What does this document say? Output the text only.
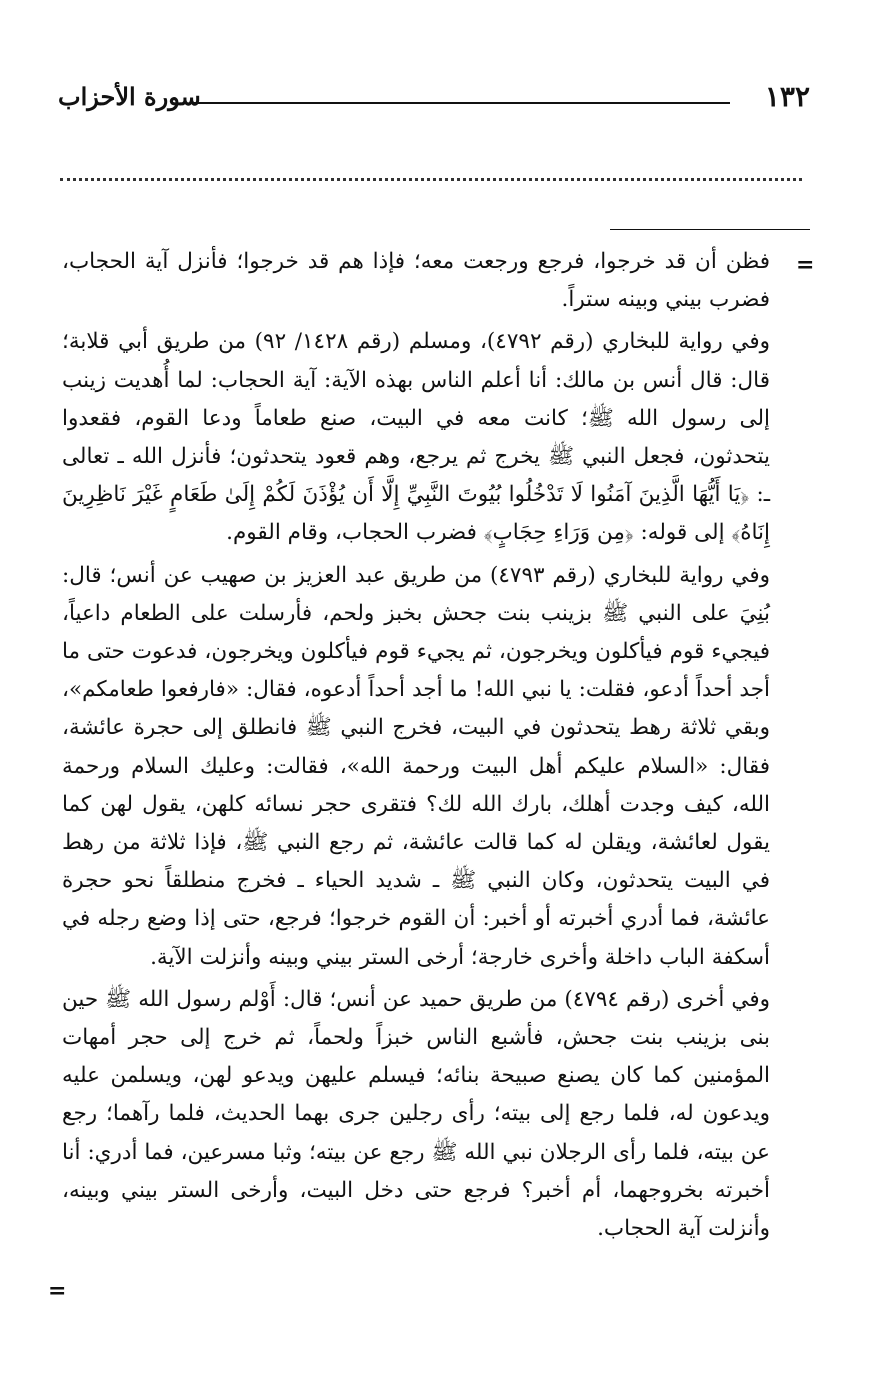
١٣٢
سورة الأحزاب
=

فظن أن قد خرجوا، فرجع ورجعت معه؛ فإذا هم قد خرجوا؛ فأنزل آية الحجاب، فضرب بيني وبينه ستراً.

وفي رواية للبخاري (رقم ٤٧٩٢)، ومسلم (رقم ١٤٢٨/ ٩٢) من طريق أبي قلابة؛ قال: قال أنس بن مالك: أنا أعلم الناس بهذه الآية: آية الحجاب: لما أُهديت زينب إلى رسول الله ﷺ؛ كانت معه في البيت، صنع طعاماً ودعا القوم، فقعدوا يتحدثون، فجعل النبي ﷺ يخرج ثم يرجع، وهم قعود يتحدثون؛ فأنزل الله ـ تعالى ـ: ﴿يَا أَيُّهَا الَّذِينَ آمَنُوا لَا تَدْخُلُوا بُيُوتَ النَّبِيِّ إِلَّا أَن يُؤْذَنَ لَكُمْ إِلَىٰ طَعَامٍ غَيْرَ نَاظِرِينَ إِنَاهُ﴾ إلى قوله: ﴿مِن وَرَاءِ حِجَابٍ﴾ فضرب الحجاب، وقام القوم.

وفي رواية للبخاري (رقم ٤٧٩٣) من طريق عبد العزيز بن صهيب عن أنس؛ قال: بُنِيَ على النبي ﷺ بزينب بنت جحش بخبز ولحم، فأرسلت على الطعام داعياً، فيجيء قوم فيأكلون ويخرجون، ثم يجيء قوم فيأكلون ويخرجون، فدعوت حتى ما أجد أحداً أدعو، فقلت: يا نبي الله! ما أجد أحداً أدعوه، فقال: «فارفعوا طعامكم»، وبقي ثلاثة رهط يتحدثون في البيت، فخرج النبي ﷺ فانطلق إلى حجرة عائشة، فقال: «السلام عليكم أهل البيت ورحمة الله»، فقالت: وعليك السلام ورحمة الله، كيف وجدت أهلك، بارك الله لك؟ فتقرى حجر نسائه كلهن، يقول لهن كما يقول لعائشة، ويقلن له كما قالت عائشة، ثم رجع النبي ﷺ، فإذا ثلاثة من رهط في البيت يتحدثون، وكان النبي ﷺ ـ شديد الحياء ـ فخرج منطلقاً نحو حجرة عائشة، فما أدري أخبرته أو أخبر: أن القوم خرجوا؛ فرجع، حتى إذا وضع رجله في أسكفة الباب داخلة وأخرى خارجة؛ أرخى الستر بيني وبينه وأنزلت الآية.

وفي أخرى (رقم ٤٧٩٤) من طريق حميد عن أنس؛ قال: أَوْلم رسول الله ﷺ حين بنى بزينب بنت جحش، فأشبع الناس خبزاً ولحماً، ثم خرج إلى حجر أمهات المؤمنين كما كان يصنع صبيحة بنائه؛ فيسلم عليهن ويدعو لهن، ويسلمن عليه ويدعون له، فلما رجع إلى بيته؛ رأى رجلين جرى بهما الحديث، فلما رآهما؛ رجع عن بيته، فلما رأى الرجلان نبي الله ﷺ رجع عن بيته؛ وثبا مسرعين، فما أدري: أنا أخبرته بخروجهما، أم أخبر؟ فرجع حتى دخل البيت، وأرخى الستر بيني وبينه، وأنزلت آية الحجاب.

=
